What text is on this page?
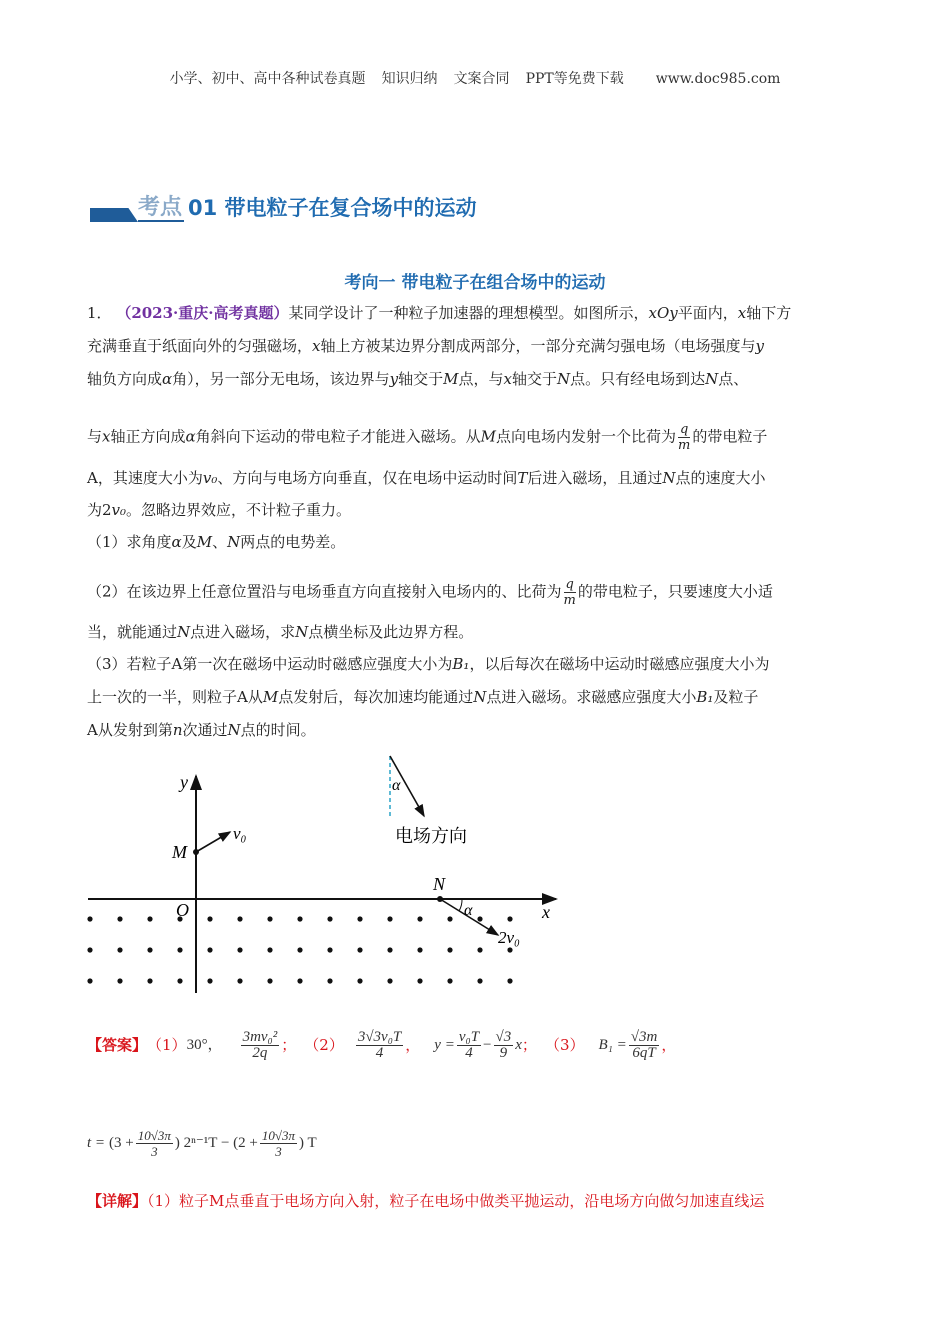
小学、初中、高中各种试卷真题 知识归纳 文案合同 PPT等免费下载 www.doc985.com
考点 01 带电粒子在复合场中的运动
考向一 带电粒子在组合场中的运动
1． （2023·重庆·高考真题）某同学设计了一种粒子加速器的理想模型。如图所示，xOy平面内，x轴下方
充满垂直于纸面向外的匀强磁场，x轴上方被某边界分割成两部分，一部分充满匀强电场（电场强度与y
轴负方向成α角），另一部分无电场，该边界与y轴交于M点，与x轴交于N点。只有经电场到达N点、
与x轴正方向成α角斜向下运动的带电粒子才能进入磁场。从M点向电场内发射一个比荷为 $\frac{q}{m}$ 的带电粒子
A，其速度大小为v₀、方向与电场方向垂直，仅在电场中运动时间T后进入磁场，且通过N点的速度大小
为2v₀。忽略边界效应，不计粒子重力。
（1）求角度α及M、N两点的电势差。
（2）在该边界上任意位置沿与电场垂直方向直接射入电场内的、比荷为 $\frac{q}{m}$ 的带电粒子，只要速度大小适
当，就能通过N点进入磁场，求N点横坐标及此边界方程。
（3）若粒子A第一次在磁场中运动时磁感应强度大小为B₁，以后每次在磁场中运动时磁感应强度大小为
上一次的一半，则粒子A从M点发射后，每次加速均能通过N点进入磁场。求磁感应强度大小B₁及粒子
A从发射到第n次通过N点的时间。
y
x
O
M
N
v₀
2v₀
α
α
电场方向
【答案】 （1） 30°， $\frac{\text{3mv₀²}}{2q}$ ； $(2) \frac{\text{3√3v₀T}}{4}$ ， $y = \frac{\text{v₀T}}{4} - \frac{√3}{9}$ x ； （3） $B_1 = \frac{√3m}{6qT}$ ，
$t = (3 + \frac{10√3\pi}{3}$ ) $2^{n-1}T - (2 + \frac{10√3\pi}{3}$ ) T
【详解】（1）粒子M点垂直于电场方向入射，粒子在电场中做类平抛运动，沿电场方向做匀加速直线运
